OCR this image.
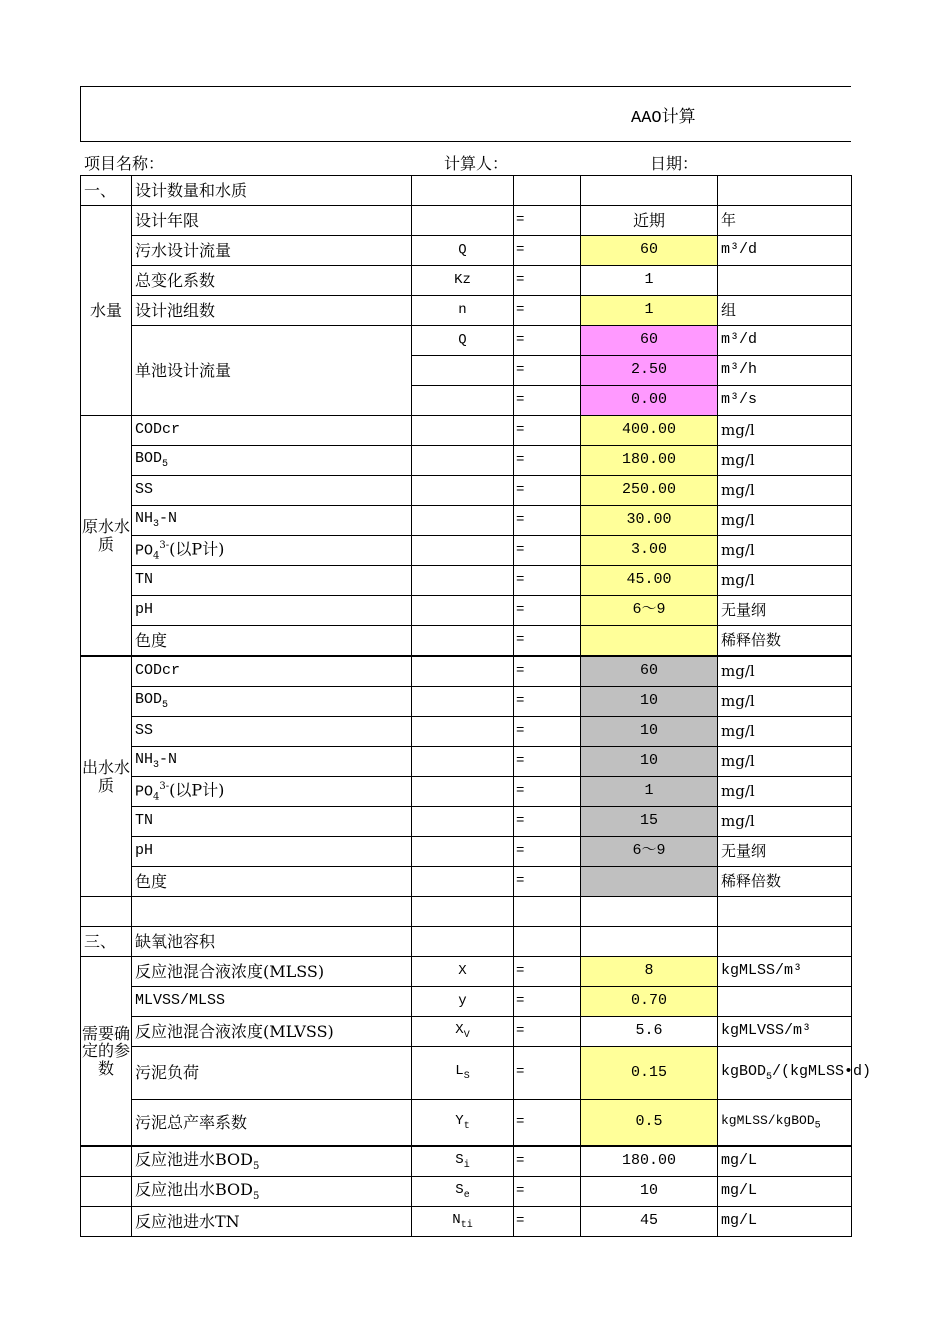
AAO计算
项目名称：	计算人：	日期：
一、	设计数量和水质				
水量	设计年限		=	近期	年
	污水设计流量	Q	=	60	m³/d
	总变化系数	Kz	=	1	
	设计池组数	n	=	1	组
	单池设计流量	Q	=	60	m³/d
			=	2.50	m³/h
			=	0.00	m³/s
原水水质	CODcr		=	400.00	mg/l
	$BOD_5$		=	180.00	mg/l
	SS		=	250.00	mg/l
	$NH_3-N$		=	30.00	mg/l
	$PO_4^{3-}$(以P计)		=	3.00	mg/l
	TN		=	45.00	mg/l
	pH		=	6～9	无量纲
	色度		=		稀释倍数
出水水质	CODcr		=	60	mg/l
	$BOD_5$		=	10	mg/l
	SS		=	10	mg/l
	$NH_3-N$		=	10	mg/l
	$PO_4^{3-}$(以P计)		=	1	mg/l
	TN		=	15	mg/l
	pH		=	6～9	无量纲
	色度		=		稀释倍数

三、	缺氧池容积				
需要确定的参数	反应池混合液浓度(MLSS)	X	=	8	kgMLSS/m³
	MLVSS/MLSS	y	=	0.70	
	反应池混合液浓度(MLVSS)	$X_V$	=	5.6	kgMLVSS/m³
	污泥负荷	$L_S$	=	0.15	kgBOD$_5$/(kgMLSS•d)
	污泥总产率系数	$Y_t$	=	0.5	kgMLSS/kgBOD$_5$
	反应池进水$BOD_5$	$S_i$	=	180.00	mg/L
	反应池出水$BOD_5$	$S_e$	=	10	mg/L
	反应池进水TN	$N_{ti}$	=	45	mg/L
